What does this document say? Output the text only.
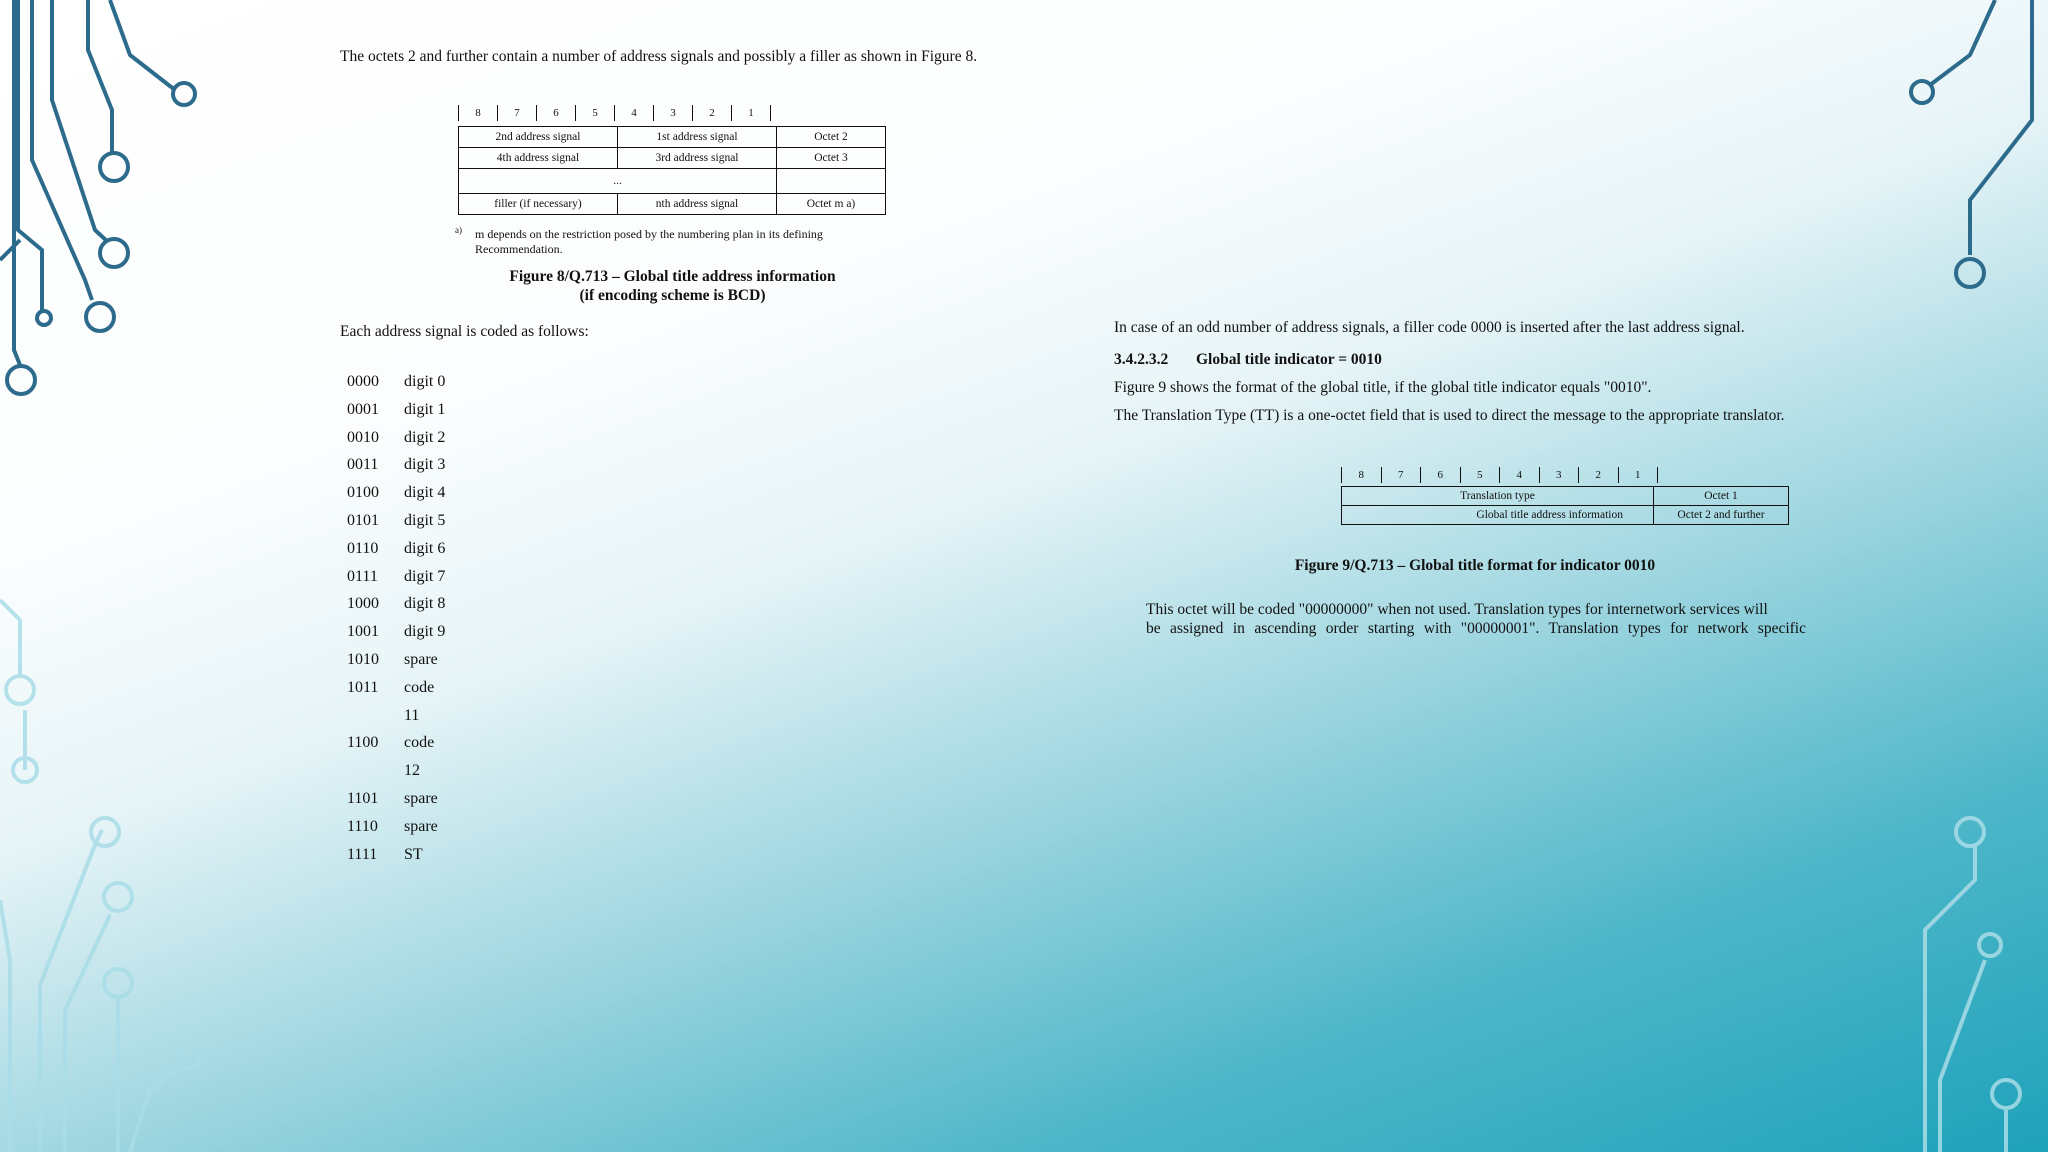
The octets 2 and further contain a number of address signals and possibly a filler as shown in Figure 8.
8	7	6	5	4	3	2	1
2nd address signal	1st address signal	Octet 2
4th address signal	3rd address signal	Octet 3
...		
filler (if necessary)	nth address signal	Octet m a)
a) m depends on the restriction posed by the numbering plan in its defining Recommendation.
Figure 8/Q.713 – Global title address information
(if encoding scheme is BCD)
Each address signal is coded as follows:
0000	digit 0
0001	digit 1
0010	digit 2
0011	digit 3
0100	digit 4
0101	digit 5
0110	digit 6
0111	digit 7
1000	digit 8
1001	digit 9
1010	spare
1011	code
11
1100	code
12
1101	spare
1110	spare
1111	ST
In case of an odd number of address signals, a filler code 0000 is inserted after the last address signal.
3.4.2.3.2 Global title indicator = 0010
Figure 9 shows the format of the global title, if the global title indicator equals "0010".
The Translation Type (TT) is a one-octet field that is used to direct the message to the appropriate translator.
8	7	6	5	4	3	2	1
Translation type	Octet 1
Global title address information	Octet 2 and further
Figure 9/Q.713 – Global title format for indicator 0010
This octet will be coded "00000000" when not used. Translation types for internetwork services will
be assigned in ascending order starting with "00000001". Translation types for network specific
